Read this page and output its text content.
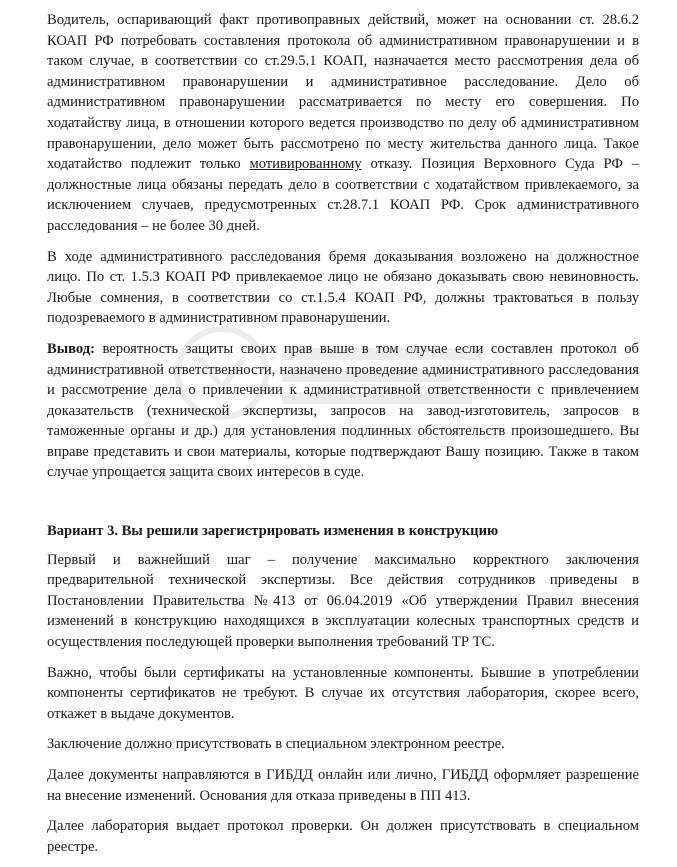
Водитель, оспаривающий факт противоправных действий, может на основании ст. 28.6.2 КОАП РФ потребовать составления протокола об административном правонарушении и в таком случае, в соответствии со ст.29.5.1 КОАП, назначается место рассмотрения дела об административном правонарушении и административное расследование. Дело об административном правонарушении рассматривается по месту его совершения. По ходатайству лица, в отношении которого ведется производство по делу об административном правонарушении, дело может быть рассмотрено по месту жительства данного лица. Такое ходатайство подлежит только мотивированному отказу. Позиция Верховного Суда РФ – должностные лица обязаны передать дело в соответствии с ходатайством привлекаемого, за исключением случаев, предусмотренных ст.28.7.1 КОАП РФ. Срок административного расследования – не более 30 дней.

В ходе административного расследования бремя доказывания возложено на должностное лицо. По ст. 1.5.3 КОАП РФ привлекаемое лицо не обязано доказывать свою невиновность. Любые сомнения, в соответствии со ст.1.5.4 КОАП РФ, должны трактоваться в пользу подозреваемого в административном правонарушении.

Вывод: вероятность защиты своих прав выше в том случае если составлен протокол об административной ответственности, назначено проведение административного расследования и рассмотрение дела о привлечении к административной ответственности с привлечением доказательств (технической экспертизы, запросов на завод-изготовитель, запросов в таможенные органы и др.) для установления подлинных обстоятельств произошедшего. Вы вправе представить и свои материалы, которые подтверждают Вашу позицию. Также в таком случае упрощается защита своих интересов в суде.

Вариант 3. Вы решили зарегистрировать изменения в конструкцию

Первый и важнейший шаг – получение максимально корректного заключения предварительной технической экспертизы. Все действия сотрудников приведены в Постановлении Правительства №413 от 06.04.2019 «Об утверждении Правил внесения изменений в конструкцию находящихся в эксплуатации колесных транспортных средств и осуществления последующей проверки выполнения требований ТР ТС.

Важно, чтобы были сертификаты на установленные компоненты. Бывшие в употреблении компоненты сертификатов не требуют. В случае их отсутствия лаборатория, скорее всего, откажет в выдаче документов.

Заключение должно присутствовать в специальном электронном реестре.

Далее документы направляются в ГИБДД онлайн или лично, ГИБДД оформляет разрешение на внесение изменений. Основания для отказа приведены в ПП 413.

Далее лаборатория выдает протокол проверки. Он должен присутствовать в специальном реестре.
